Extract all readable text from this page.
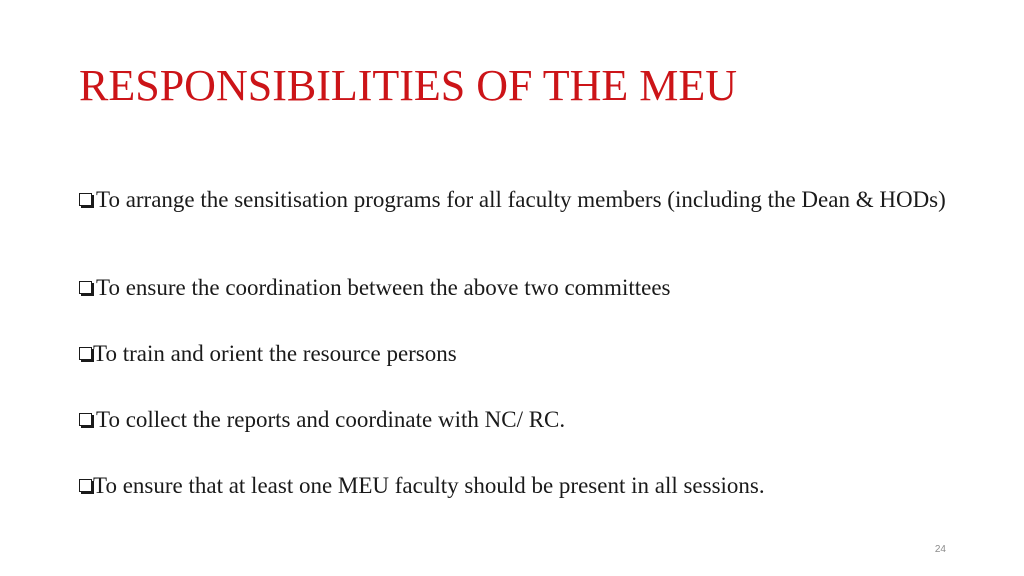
RESPONSIBILITIES OF THE MEU
To arrange the sensitisation programs for all faculty members (including the Dean & HODs)
To ensure the coordination between the above two committees
To train and orient the resource persons
To collect the reports and coordinate with NC/ RC.
To ensure that at least one MEU faculty should be present in all sessions.
24
